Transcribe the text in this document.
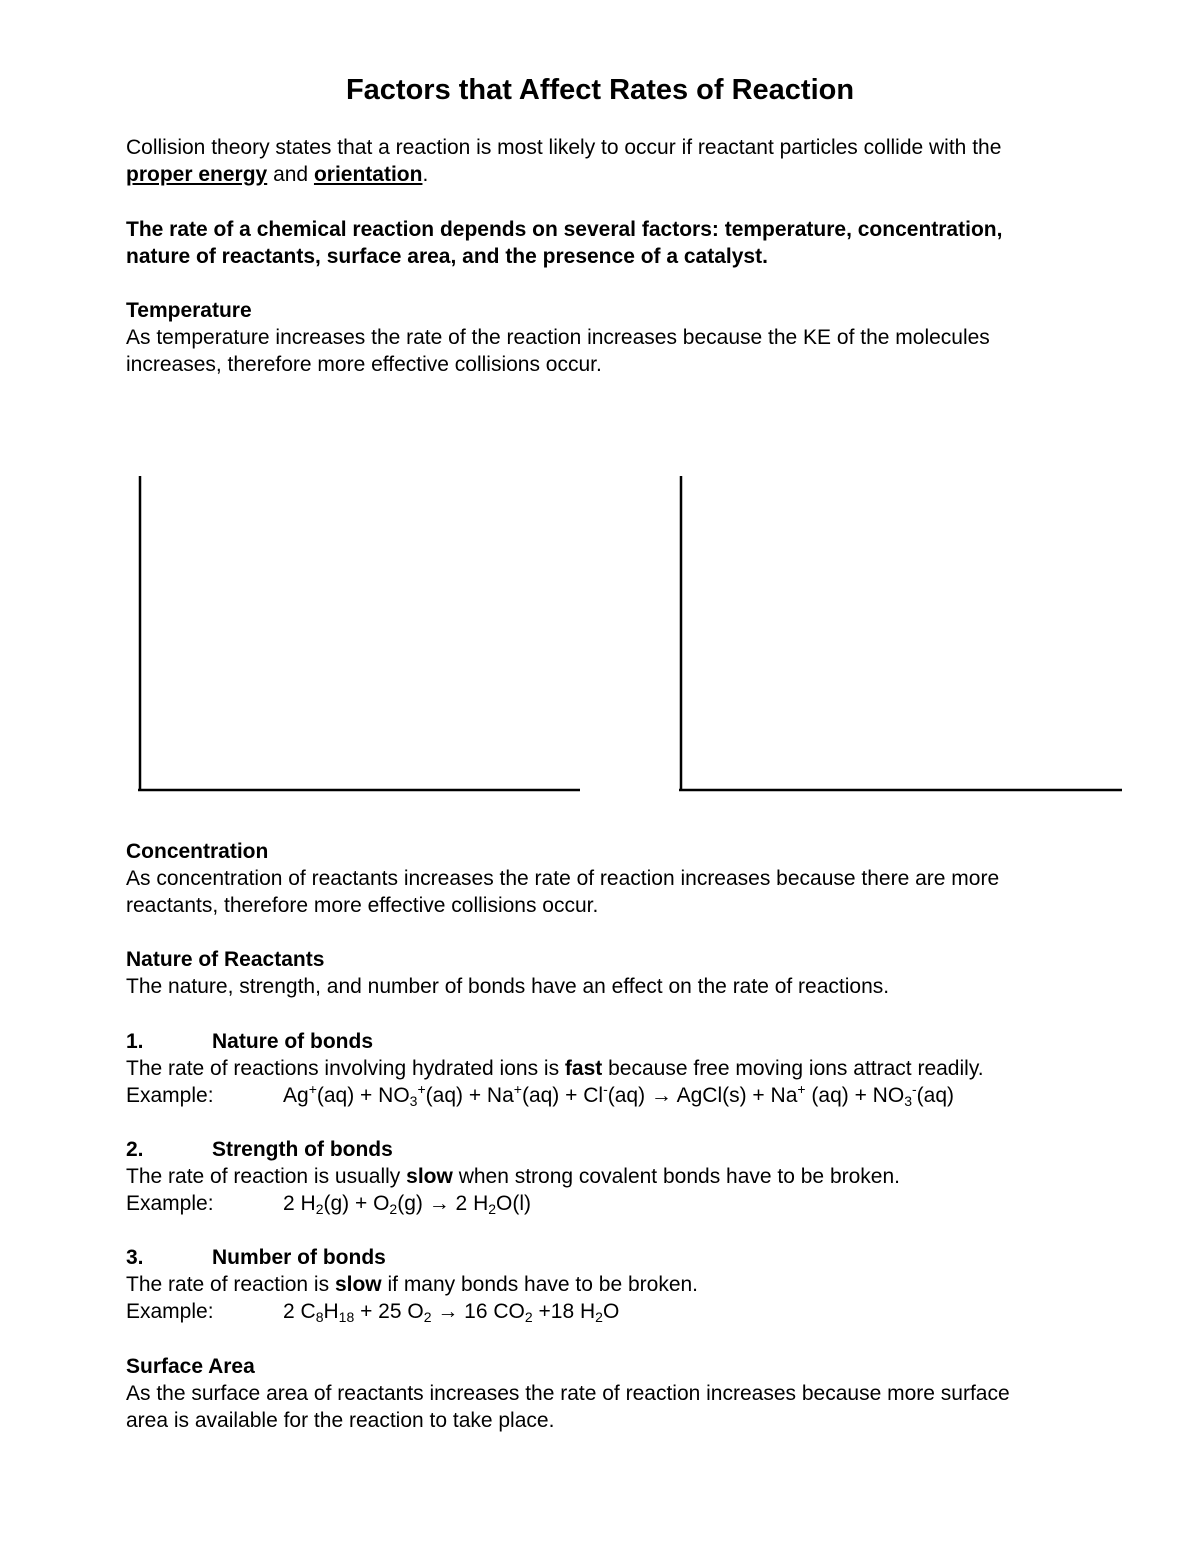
Factors that Affect Rates of Reaction
Collision theory states that a reaction is most likely to occur if reactant particles collide with the
proper energy and orientation.
The rate of a chemical reaction depends on several factors: temperature, concentration,
nature of reactants, surface area, and the presence of a catalyst.
Temperature
As temperature increases the rate of the reaction increases because the KE of the molecules
increases, therefore more effective collisions occur.
Concentration
As concentration of reactants increases the rate of reaction increases because there are more
reactants, therefore more effective collisions occur.
Nature of Reactants
The nature, strength, and number of bonds have an effect on the rate of reactions.
1.	Nature of bonds
The rate of reactions involving hydrated ions is fast because free moving ions attract readily.
Example:	$Ag^+(aq) + NO_3^+(aq) + Na^+(aq) + Cl^-(aq)$ → AgCl(s) + Na+ $(aq) + NO_3^-(aq)$
2.	Strength of bonds
The rate of reaction is usually slow when strong covalent bonds have to be broken.
Example:	2 $H_2(g) + O_2(g) \to 2$ $H_2O(l)$
3.	Number of bonds
The rate of reaction is slow if many bonds have to be broken.
Example:	2 $C_8H_{18} + 25$ $O_2 \to 16$ $CO_2 +18$ $H_2O$
Surface Area
As the surface area of reactants increases the rate of reaction increases because more surface
area is available for the reaction to take place.
